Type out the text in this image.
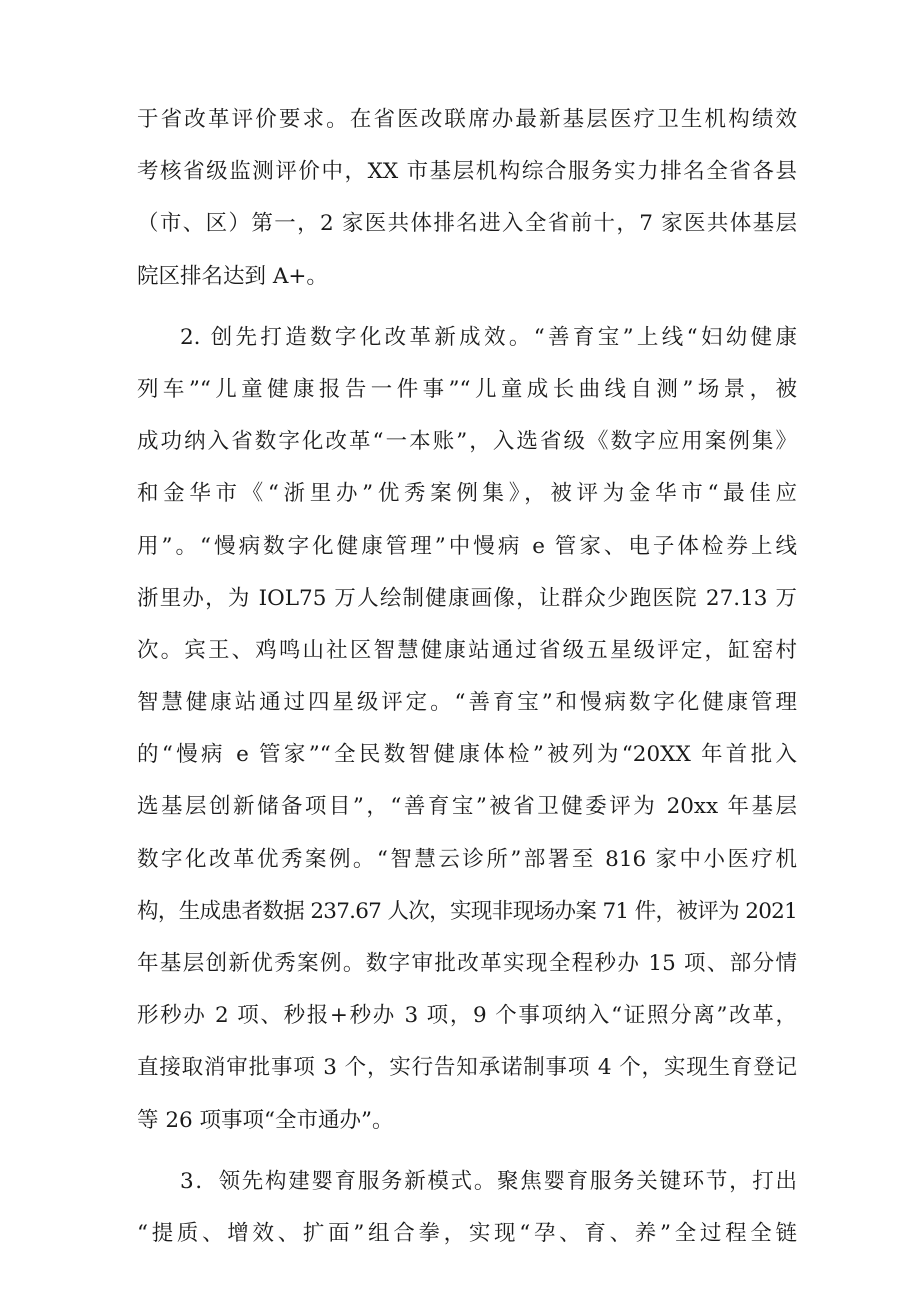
于省改革评价要求。在省医改联席办最新基层医疗卫生机构绩效
考核省级监测评价中，XX 市基层机构综合服务实力排名全省各县
（市、区）第一，2 家医共体排名进入全省前十，7 家医共体基层
院区排名达到 A+。
2. 创先打造数字化改革新成效。“善育宝”上线“妇幼健康
列车”“儿童健康报告一件事”“儿童成长曲线自测”场景，被
成功纳入省数字化改革“一本账”，入选省级《数字应用案例集》
和金华市《“浙里办”优秀案例集》，被评为金华市“最佳应
用”。“慢病数字化健康管理”中慢病 e 管家、电子体检券上线
浙里办，为 IOL75 万人绘制健康画像，让群众少跑医院 27.13 万
次。宾王、鸡鸣山社区智慧健康站通过省级五星级评定，缸窑村
智慧健康站通过四星级评定。“善育宝”和慢病数字化健康管理
的“慢病 e 管家”“全民数智健康体检”被列为“20XX 年首批入
选基层创新储备项目”，“善育宝”被省卫健委评为 20xx 年基层
数字化改革优秀案例。“智慧云诊所”部署至 816 家中小医疗机
构，生成患者数据 237.67 人次，实现非现场办案 71 件，被评为 2021
年基层创新优秀案例。数字审批改革实现全程秒办 15 项、部分情
形秒办 2 项、秒报+秒办 3 项，9 个事项纳入“证照分离”改革，
直接取消审批事项 3 个，实行告知承诺制事项 4 个，实现生育登记
等 26 项事项“全市通办”。
3．领先构建婴育服务新模式。聚焦婴育服务关键环节，打出
“提质、增效、扩面”组合拳，实现“孕、育、养”全过程全链
